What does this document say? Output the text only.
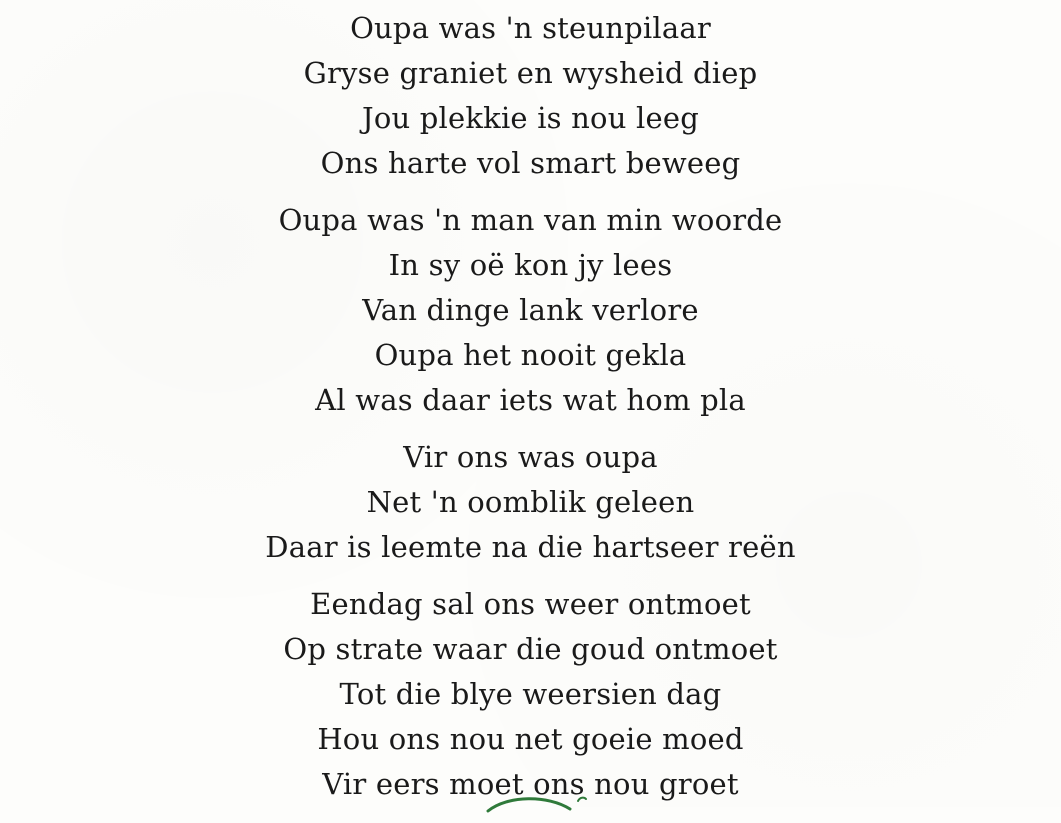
Oupa was 'n steunpilaar
Gryse graniet en wysheid diep
Jou plekkie is nou leeg
Ons harte vol smart beweeg
Oupa was 'n man van min woorde
In sy oë kon jy lees
Van dinge lank verlore
Oupa het nooit gekla
Al was daar iets wat hom pla
Vir ons was oupa
Net 'n oomblik geleen
Daar is leemte na die hartseer reën
Eendag sal ons weer ontmoet
Op strate waar die goud ontmoet
Tot die blye weersien dag
Hou ons nou net goeie moed
Vir eers moet ons nou groet
